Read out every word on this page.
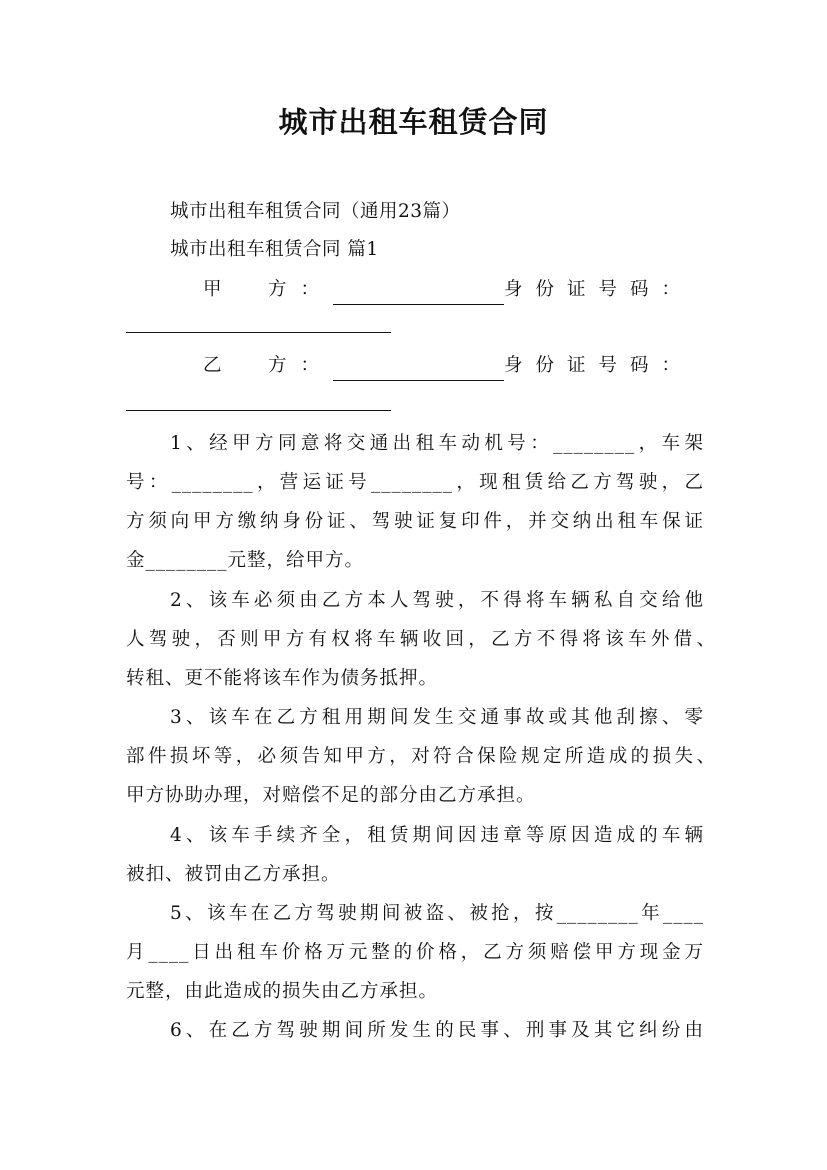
城市出租车租赁合同
城市出租车租赁合同（通用23篇）
城市出租车租赁合同 篇1
甲　方：	身份证号码：
乙　方：	身份证号码：
1、经甲方同意将交通出租车动机号：________，车架
号：________，营运证号________，现租赁给乙方驾驶，乙
方须向甲方缴纳身份证、驾驶证复印件，并交纳出租车保证
金________元整，给甲方。
2、该车必须由乙方本人驾驶，不得将车辆私自交给他
人驾驶，否则甲方有权将车辆收回，乙方不得将该车外借、
转租、更不能将该车作为债务抵押。
3、该车在乙方租用期间发生交通事故或其他刮擦、零
部件损坏等，必须告知甲方，对符合保险规定所造成的损失、
甲方协助办理，对赔偿不足的部分由乙方承担。
4、该车手续齐全，租赁期间因违章等原因造成的车辆
被扣、被罚由乙方承担。
5、该车在乙方驾驶期间被盗、被抢，按________年____
月____日出租车价格万元整的价格，乙方须赔偿甲方现金万
元整，由此造成的损失由乙方承担。
6、在乙方驾驶期间所发生的民事、刑事及其它纠纷由
